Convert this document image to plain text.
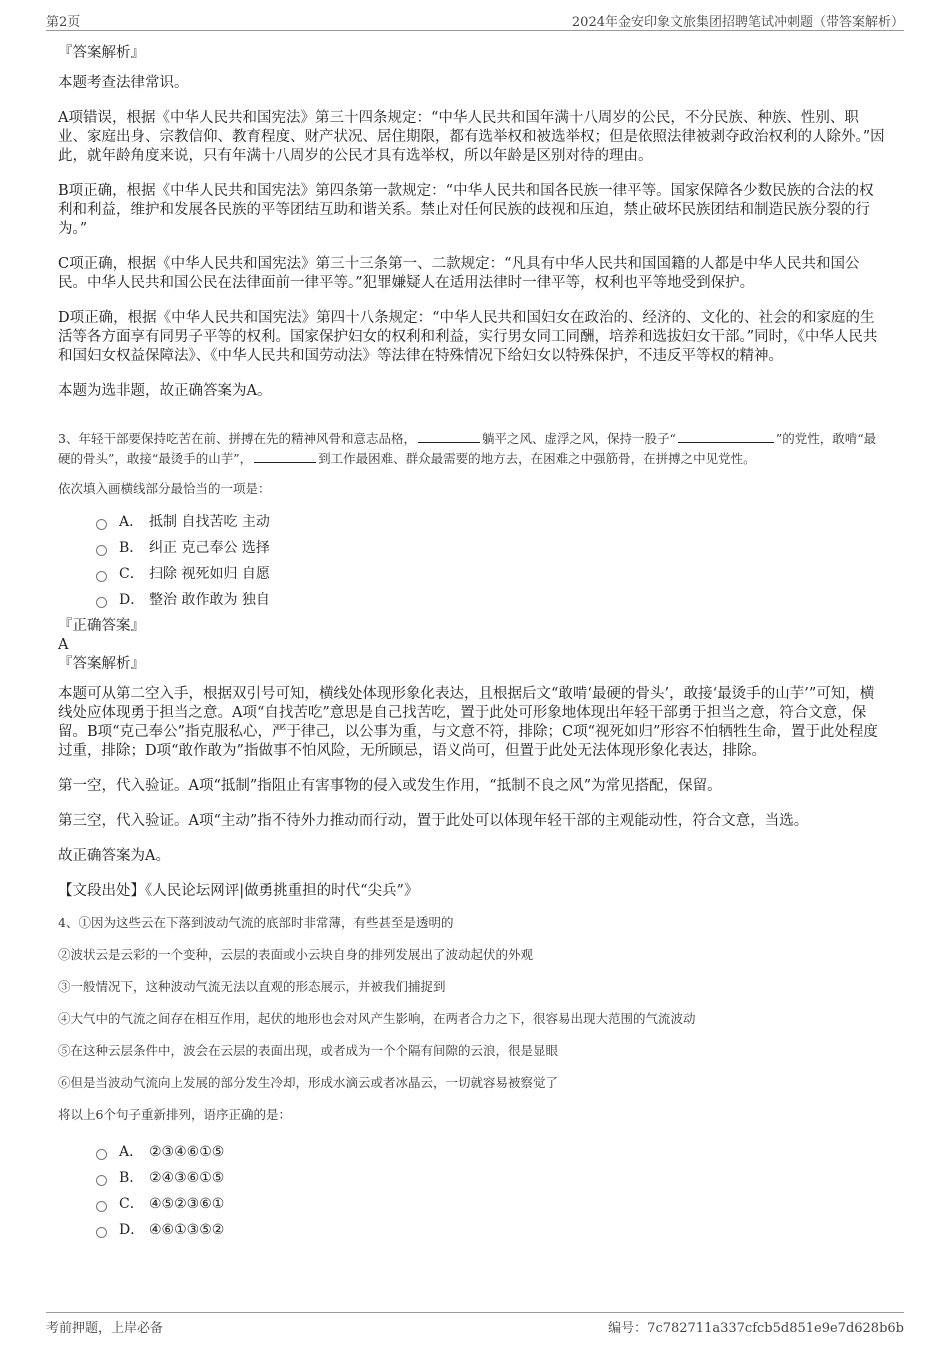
第2页	2024年金安印象文旅集团招聘笔试冲刺题（带答案解析）

『答案解析』

本题考查法律常识。

A项错误，根据《中华人民共和国宪法》第三十四条规定：“中华人民共和国年满十八周岁的公民，不分民族、种族、性别、职业、家庭出身、宗教信仰、教育程度、财产状况、居住期限，都有选举权和被选举权；但是依照法律被剥夺政治权利的人除外。”因此，就年龄角度来说，只有年满十八周岁的公民才具有选举权，所以年龄是区别对待的理由。

B项正确，根据《中华人民共和国宪法》第四条第一款规定：“中华人民共和国各民族一律平等。国家保障各少数民族的合法的权利和利益，维护和发展各民族的平等团结互助和谐关系。禁止对任何民族的歧视和压迫，禁止破坏民族团结和制造民族分裂的行为。”

C项正确，根据《中华人民共和国宪法》第三十三条第一、二款规定：“凡具有中华人民共和国国籍的人都是中华人民共和国公民。中华人民共和国公民在法律面前一律平等。”犯罪嫌疑人在适用法律时一律平等，权利也平等地受到保护。

D项正确，根据《中华人民共和国宪法》第四十八条规定：“中华人民共和国妇女在政治的、经济的、文化的、社会的和家庭的生活等各方面享有同男子平等的权利。国家保护妇女的权利和利益，实行男女同工同酬，培养和选拔妇女干部。”同时，《中华人民共和国妇女权益保障法》、《中华人民共和国劳动法》等法律在特殊情况下给妇女以特殊保护，不违反平等权的精神。

本题为选非题，故正确答案为A。

3、年轻干部要保持吃苦在前、拼搏在先的精神风骨和意志品格，	躺平之风、虚浮之风，保持一股子“	”的党性，敢啃“最硬的骨头”，敢接“最烫手的山芋”，	到工作最困难、群众最需要的地方去，在困难之中强筋骨，在拼搏之中见党性。

依次填入画横线部分最恰当的一项是：

A． 抵制 自找苦吃 主动
B． 纠正 克己奉公 选择
C． 扫除 视死如归 自愿
D． 整治 敢作敢为 独自

『正确答案』

A

『答案解析』

本题可从第二空入手，根据双引号可知，横线处体现形象化表达，且根据后文“敢啃‘最硬的骨头’，敢接‘最烫手的山芋’”可知，横线处应体现勇于担当之意。A项“自找苦吃”意思是自己找苦吃，置于此处可形象地体现出年轻干部勇于担当之意，符合文意，保留。B项“克己奉公”指克服私心，严于律己，以公事为重，与文意不符，排除；C项“视死如归”形容不怕牺牲生命，置于此处程度过重，排除；D项“敢作敢为”指做事不怕风险，无所顾忌，语义尚可，但置于此处无法体现形象化表达，排除。

第一空，代入验证。A项“抵制”指阻止有害事物的侵入或发生作用，“抵制不良之风”为常见搭配，保留。

第三空，代入验证。A项“主动”指不待外力推动而行动，置于此处可以体现年轻干部的主观能动性，符合文意，当选。

故正确答案为A。

【文段出处】《人民论坛网评|做勇挑重担的时代“尖兵”》

4、①因为这些云在下落到波动气流的底部时非常薄，有些甚至是透明的

②波状云是云彩的一个变种，云层的表面或小云块自身的排列发展出了波动起伏的外观

③一般情况下，这种波动气流无法以直观的形态展示，并被我们捕捉到

④大气中的气流之间存在相互作用，起伏的地形也会对风产生影响，在两者合力之下，很容易出现大范围的气流波动

⑤在这种云层条件中，波会在云层的表面出现，或者成为一个个隔有间隙的云浪，很是显眼

⑥但是当波动气流向上发展的部分发生冷却，形成水滴云或者冰晶云，一切就容易被察觉了

将以上6个句子重新排列，语序正确的是：

A． ②③④⑥①⑤
B． ②④③⑥①⑤
C． ④⑤②③⑥①
D． ④⑥①③⑤②
考前押题，上岸必备	编号：7c782711a337cfcb5d851e9e7d628b6b
